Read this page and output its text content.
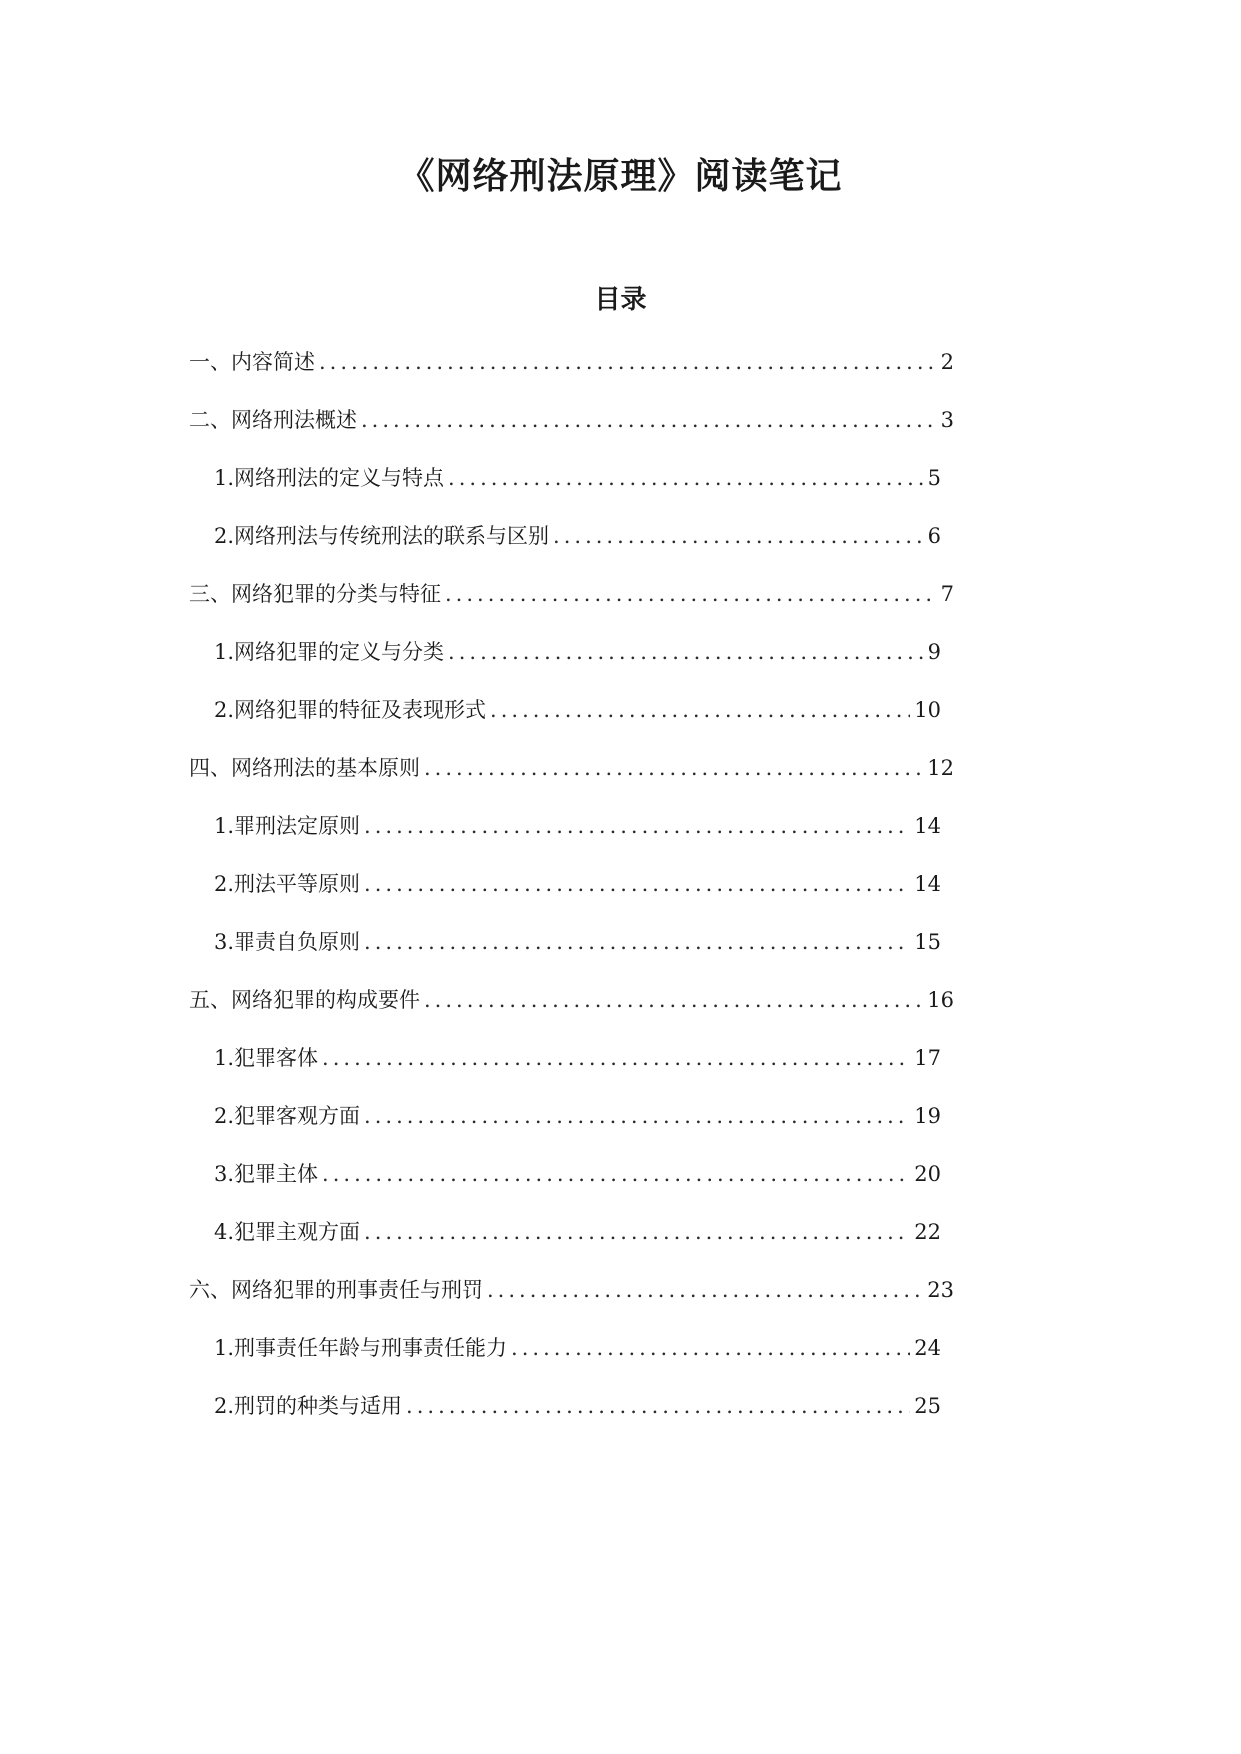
《网络刑法原理》阅读笔记
目录
一、内容简述 .....	2
二、网络刑法概述 .....	3
1. 网络刑法的定义与特点 .....	5
2. 网络刑法与传统刑法的联系与区别 .....	6
三、网络犯罪的分类与特征 .....	7
1. 网络犯罪的定义与分类 .....	9
2. 网络犯罪的特征及表现形式 .....	10
四、网络刑法的基本原则 .....	12
1. 罪刑法定原则 .....	14
2. 刑法平等原则 .....	14
3. 罪责自负原则 .....	15
五、网络犯罪的构成要件 .....	16
1. 犯罪客体 .....	17
2. 犯罪客观方面 .....	19
3. 犯罪主体 .....	20
4. 犯罪主观方面 .....	22
六、网络犯罪的刑事责任与刑罚 .....	23
1. 刑事责任年龄与刑事责任能力 .....	24
2. 刑罚的种类与适用 .....	25
